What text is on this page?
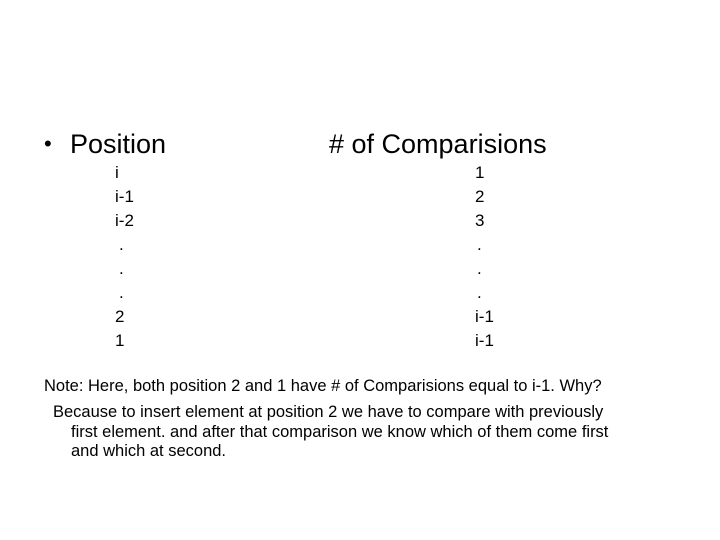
• Position	# of Comparisions
i
i-1
i-2
.
.
.
2
1
1
2
3
.
.
.
i-1
i-1
Note: Here, both position 2 and 1 have # of Comparisions equal to i-1. Why?
Because to insert element at position 2 we have to compare with previously
first element. and after that comparison we know which of them come first
and which at second.
